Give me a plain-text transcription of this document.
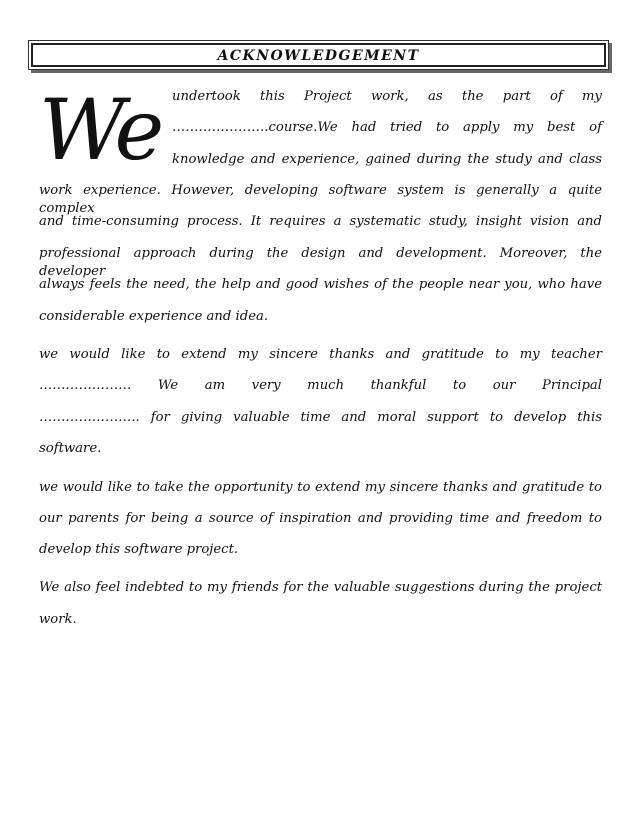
ACKNOWLEDGEMENT
We undertook this Project work, as the part of my
………………….course.We had tried to apply my best of
knowledge and experience, gained during the study and class
work experience. However, developing software system is generally a quite complex
and time-consuming process. It requires a systematic study, insight vision and
professional approach during the design and development. Moreover, the developer
always feels the need, the help and good wishes of the people near you, who have
considerable experience and idea.
we would like to extend my sincere thanks and gratitude to my teacher
………………… We am very much thankful to our Principal
………………….. for giving valuable time and moral support to develop this
software.
we would like to take the opportunity to extend my sincere thanks and gratitude to
our parents for being a source of inspiration and providing time and freedom to
develop this software project.
We also feel indebted to my friends for the valuable suggestions during the project
work.
